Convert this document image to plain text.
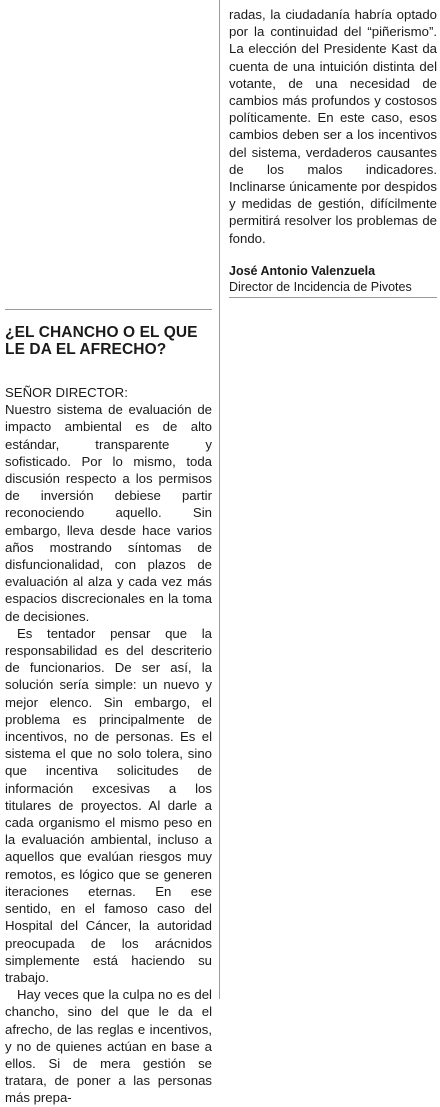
radas, la ciudadanía habría optado por la continuidad del “piñerismo”. La elección del Presidente Kast da cuenta de una intuición distinta del votante, de una necesidad de cambios más profundos y costosos políticamente. En este caso, esos cambios deben ser a los incentivos del sistema, verdaderos causantes de los malos indicadores. Inclinarse únicamente por despidos y medidas de gestión, difícilmente permitirá resolver los problemas de fondo.
José Antonio Valenzuela
Director de Incidencia de Pivotes
¿EL CHANCHO O EL QUE LE DA EL AFRECHO?
SEÑOR DIRECTOR:

Nuestro sistema de evaluación de impacto ambiental es de alto estándar, transparente y sofisticado. Por lo mismo, toda discusión respecto a los permisos de inversión debiese partir reconociendo aquello. Sin embargo, lleva desde hace varios años mostrando síntomas de disfuncionalidad, con plazos de evaluación al alza y cada vez más espacios discrecionales en la toma de decisiones.

Es tentador pensar que la responsabilidad es del descriterio de funcionarios. De ser así, la solución sería simple: un nuevo y mejor elenco. Sin embargo, el problema es principalmente de incentivos, no de personas. Es el sistema el que no solo tolera, sino que incentiva solicitudes de información excesivas a los titulares de proyectos. Al darle a cada organismo el mismo peso en la evaluación ambiental, incluso a aquellos que evalúan riesgos muy remotos, es lógico que se generen iteraciones eternas. En ese sentido, en el famoso caso del Hospital del Cáncer, la autoridad preocupada de los arácnidos simplemente está haciendo su trabajo.

Hay veces que la culpa no es del chancho, sino del que le da el afrecho, de las reglas e incentivos, y no de quienes actúan en base a ellos. Si de mera gestión se tratara, de poner a las personas más prepa-
